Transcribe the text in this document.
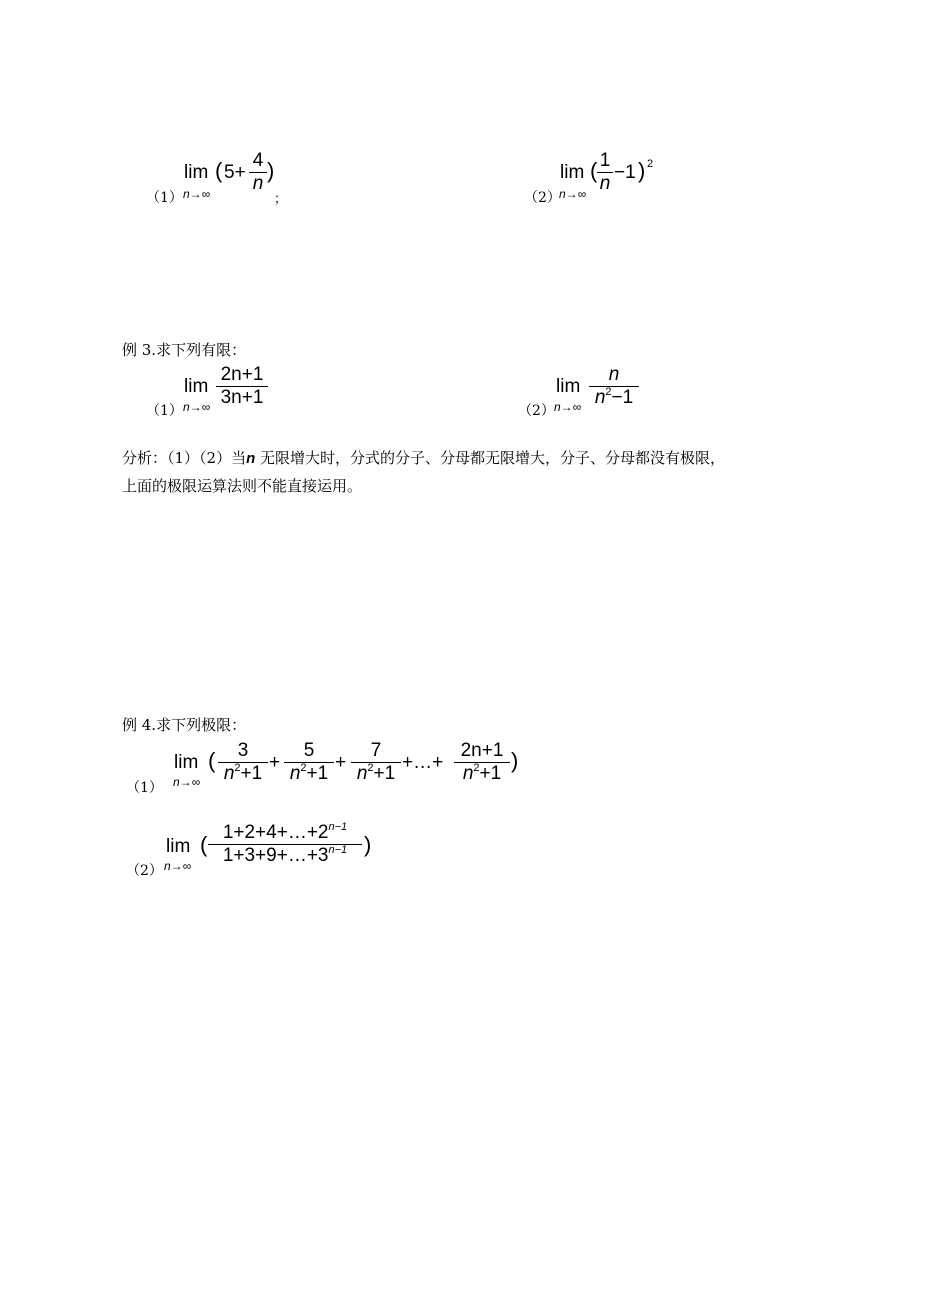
（1）
lim
n→∞
( 5+
4
n
)
；	（2）
lim
n→∞
( 1
n
−1 ) 2
例 3.求下列有限：
（1）
lim
n→∞
2n+1
3n+1
（2）
lim
n→∞
n
$n^2-1$
分析：（1）（2）当n 无限增大时，分式的分子、分母都无限增大，分子、分母都没有极限，
上面的极限运算法则不能直接运用。
例 4.求下列极限：
（1）
lim
n→∞
(	3
$n^2+1$
+
5
$n^2+1$
+
7
$n^2+1$
+…+
2n+1
$n^2+1$
)
（2）
lim
n→∞
( $1+2+4+\dots+2^{n-1}$
$1+3+9+\dots+3^{n-1}$ )
